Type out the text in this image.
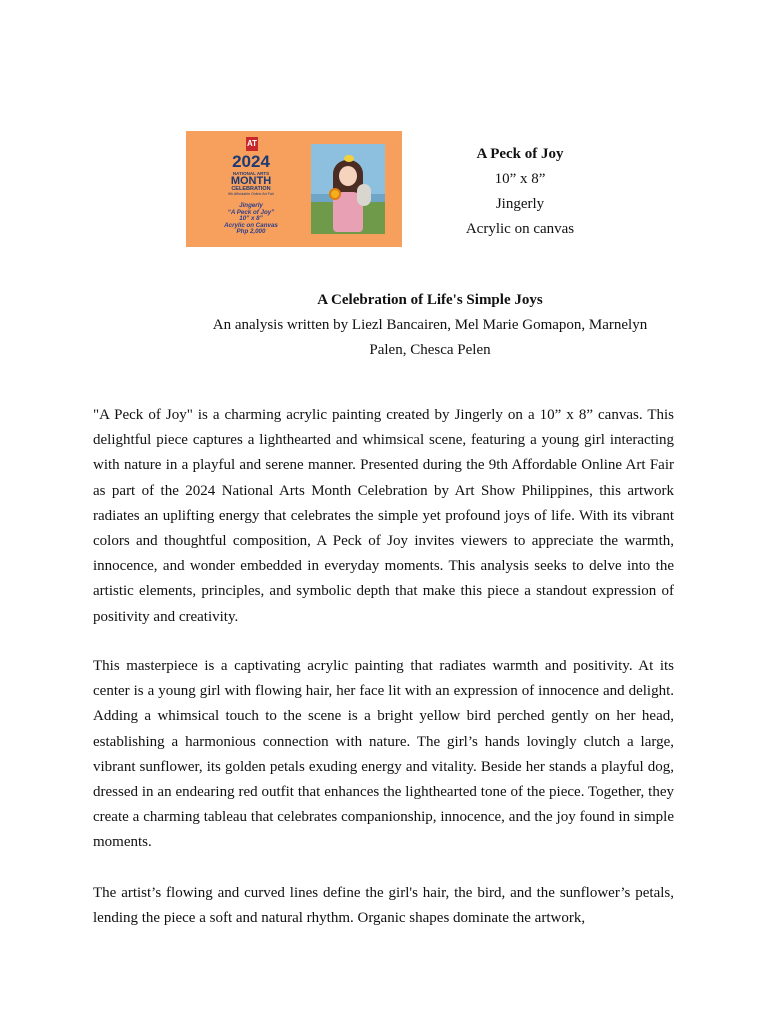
AT
2024
NATIONAL ARTS
MONTH
CELEBRATION
9th Affordable Online Art Fair
Jingerly
“A Peck of Joy”
10” x 8”
Acrylic on Canvas
Php 2,000
A Peck of Joy
10” x 8”
Jingerly
Acrylic on canvas
A Celebration of Life's Simple Joys
An analysis written by Liezl Bancairen, Mel Marie Gomapon, Marnelyn
Palen, Chesca Pelen

"A Peck of Joy" is a charming acrylic painting created by Jingerly on a 10” x 8” canvas. This delightful piece captures a lighthearted and whimsical scene, featuring a young girl interacting with nature in a playful and serene manner. Presented during the 9th Affordable Online Art Fair as part of the 2024 National Arts Month Celebration by Art Show Philippines, this artwork radiates an uplifting energy that celebrates the simple yet profound joys of life. With its vibrant colors and thoughtful composition, A Peck of Joy invites viewers to appreciate the warmth, innocence, and wonder embedded in everyday moments. This analysis seeks to delve into the artistic elements, principles, and symbolic depth that make this piece a standout expression of positivity and creativity.

This masterpiece is a captivating acrylic painting that radiates warmth and positivity. At its center is a young girl with flowing hair, her face lit with an expression of innocence and delight. Adding a whimsical touch to the scene is a bright yellow bird perched gently on her head, establishing a harmonious connection with nature. The girl’s hands lovingly clutch a large, vibrant sunflower, its golden petals exuding energy and vitality. Beside her stands a playful dog, dressed in an endearing red outfit that enhances the lighthearted tone of the piece. Together, they create a charming tableau that celebrates companionship, innocence, and the joy found in simple moments.

The artist’s flowing and curved lines define the girl's hair, the bird, and the sunflower’s petals, lending the piece a soft and natural rhythm. Organic shapes dominate the artwork,
